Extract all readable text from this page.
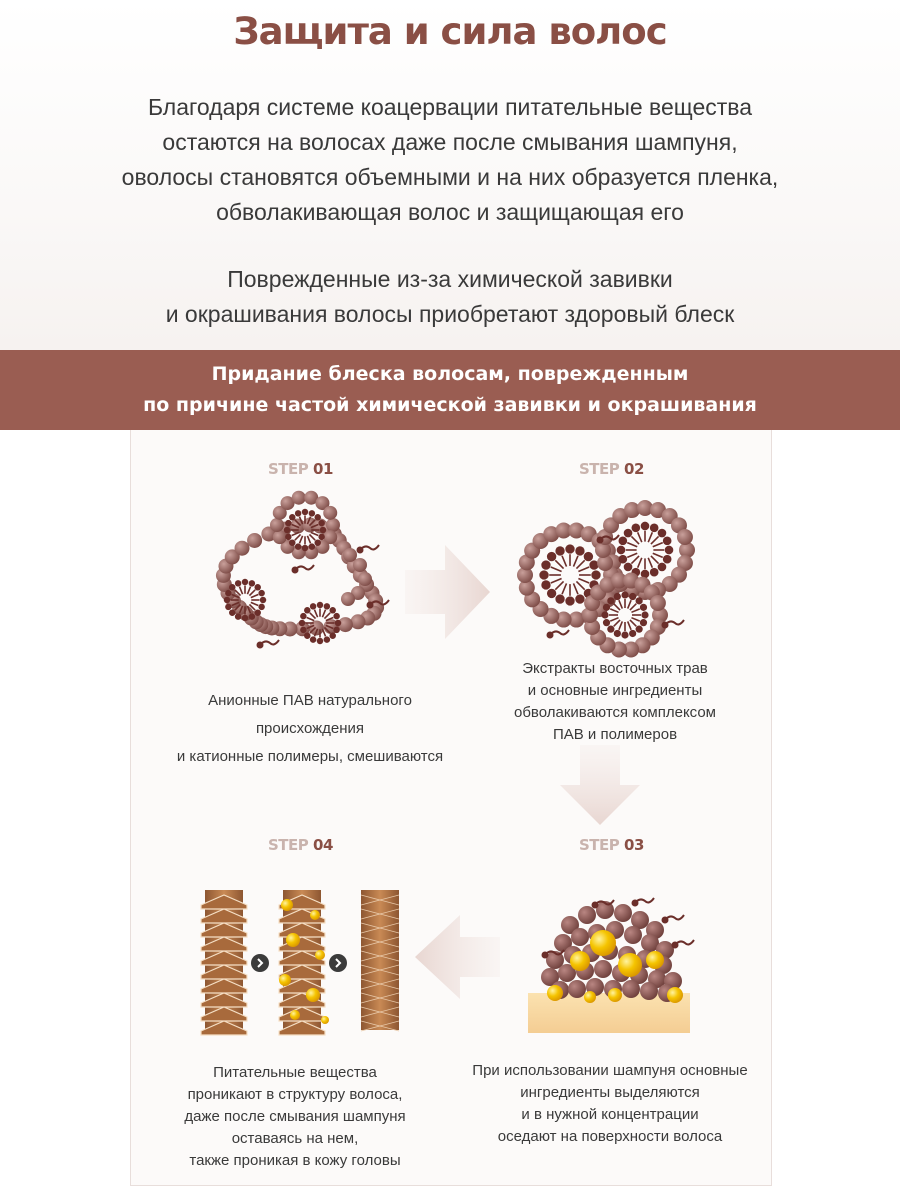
Защита и сила волос
Благодаря системе коацервации питательные вещества
остаются на волосах даже после смывания шампуня,
оволосы становятся объемными и на них образуется пленка,
обволакивающая волос и защищающая его
Поврежденные из-за химической завивки
и окрашивания волосы приобретают здоровый блеск
Придание блеска волосам, поврежденным
по причине частой химической завивки и окрашивания
STEP 01	STEP 02
STEP 03
STEP 04
Анионные ПАВ натурального
происхождения
и катионные полимеры, смешиваются
Экстракты восточных трав
и основные ингредиенты
обволакиваются комплексом
ПАВ и полимеров
При использовании шампуня основные
ингредиенты выделяются
и в нужной концентрации
оседают на поверхности волоса
Питательные вещества
проникают в структуру волоса,
даже после смывания шампуня
оставаясь на нем,
также проникая в кожу головы
